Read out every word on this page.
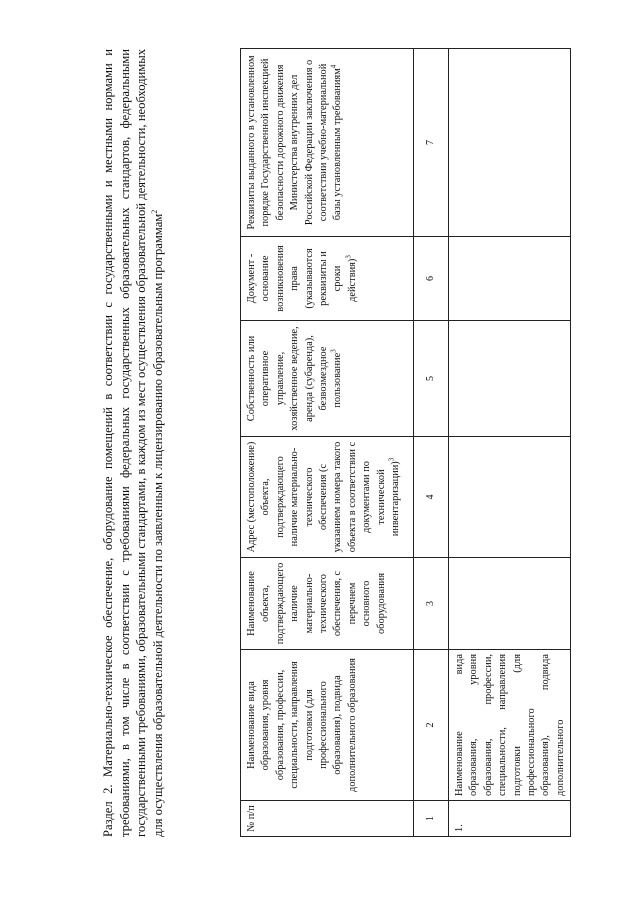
Раздел 2. Материально-техническое обеспечение, оборудование помещений в соответствии с государственными и местными нормами и требованиями, в том числе в соответствии с требованиями федеральных государственных образовательных стандартов, федеральными государственными требованиями, образовательными стандартами, в каждом из мест осуществления образовательной деятельности, необходимых для осуществления образовательной деятельности по заявленным к лицензированию образовательным программам$^2$

№ п/п	Наименование вида образования, уровня образования, профессии, специальности, направления подготовки (для профессионального образования), подвида дополнительного образования	Наименование объекта, подтверждающего наличие материально-технического обеспечения, с перечнем основного оборудования	Адрес (местоположение) объекта, подтверждающего наличие материально-технического обеспечения (с указанием номера такого объекта в соответствии с документами по технической инвентаризации)$^3$	Собственность или оперативное управление, хозяйственное ведение, аренда (субаренда), безвозмездное пользование$^3$	Документ - основание возникновения права (указываются реквизиты и сроки действия)$^3$	Реквизиты выданного в установленном порядке Государственной инспекцией безопасности дорожного движения Министерства внутренних дел Российской Федерации заключения о соответствии учебно-материальной базы установленным требованиям$^4$
1	2	3	4	5	6	7
1.	Наименование вида образования, уровня образования, профессии, специальности, направления подготовки (для профессионального образования), подвида дополнительного					
